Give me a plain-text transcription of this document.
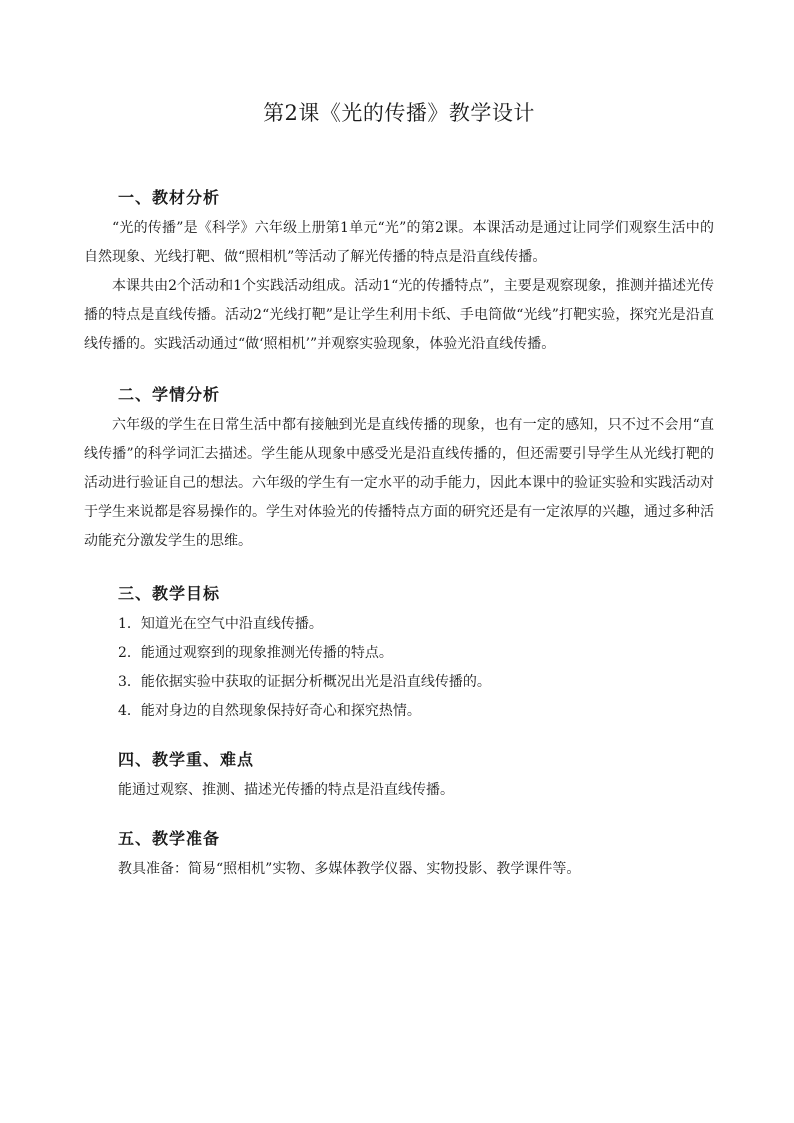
第2课《光的传播》教学设计
一、教材分析

“光的传播”是《科学》六年级上册第1单元“光”的第2课。本课活动是通过让同学们观察生活中的自然现象、光线打靶、做“照相机”等活动了解光传播的特点是沿直线传播。

本课共由2个活动和1个实践活动组成。活动1“光的传播特点”，主要是观察现象，推测并描述光传播的特点是直线传播。活动2“光线打靶”是让学生利用卡纸、手电筒做“光线”打靶实验，探究光是沿直线传播的。实践活动通过“做‘照相机’”并观察实验现象，体验光沿直线传播。

二、学情分析

六年级的学生在日常生活中都有接触到光是直线传播的现象，也有一定的感知，只不过不会用“直线传播”的科学词汇去描述。学生能从现象中感受光是沿直线传播的，但还需要引导学生从光线打靶的活动进行验证自己的想法。六年级的学生有一定水平的动手能力，因此本课中的验证实验和实践活动对于学生来说都是容易操作的。学生对体验光的传播特点方面的研究还是有一定浓厚的兴趣，通过多种活动能充分激发学生的思维。

三、教学目标

1．知道光在空气中沿直线传播。

2．能通过观察到的现象推测光传播的特点。

3．能依据实验中获取的证据分析概况出光是沿直线传播的。

4．能对身边的自然现象保持好奇心和探究热情。

四、教学重、难点

能通过观察、推测、描述光传播的特点是沿直线传播。

五、教学准备

教具准备：简易“照相机”实物、多媒体教学仪器、实物投影、教学课件等。
